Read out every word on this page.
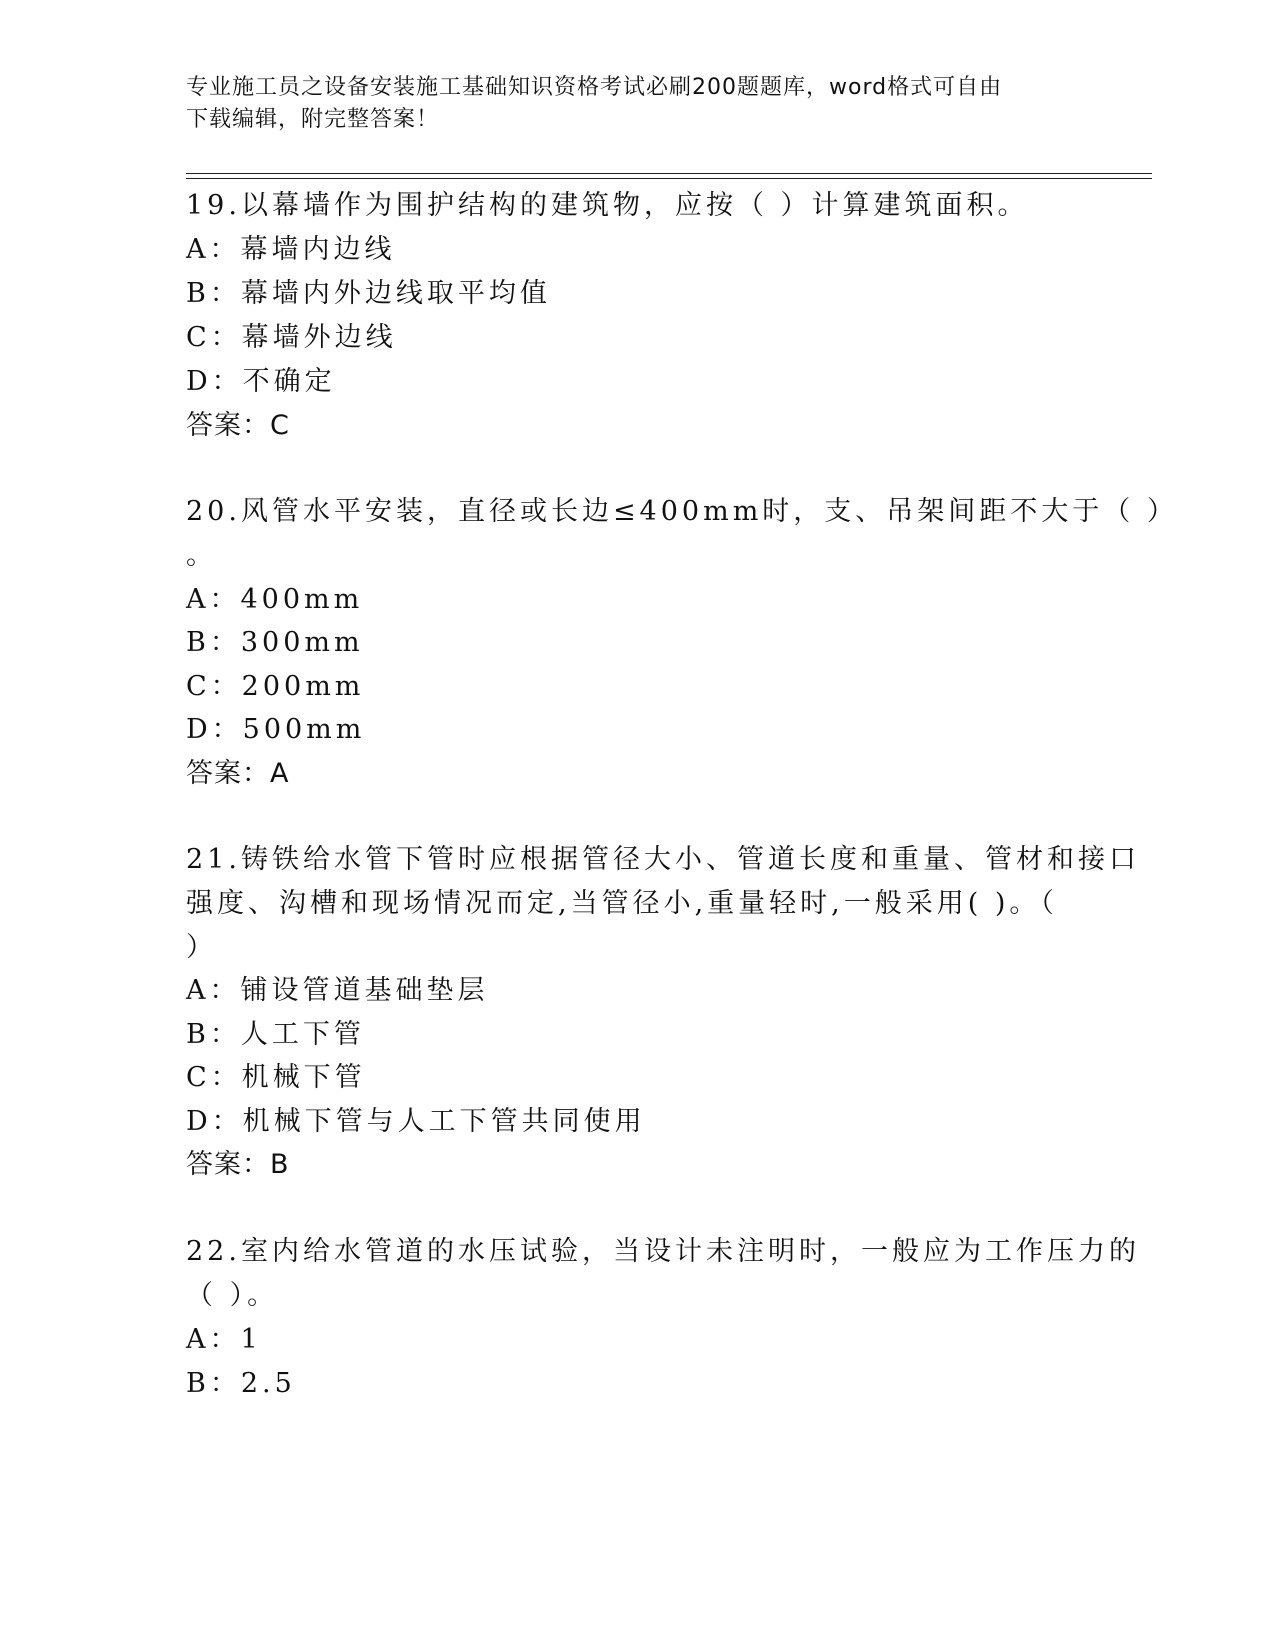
专业施工员之设备安装施工基础知识资格考试必刷200题题库，word格式可自由
下载编辑，附完整答案！
19.以幕墙作为围护结构的建筑物，应按（ ）计算建筑面积。
A：幕墙内边线
B：幕墙内外边线取平均值
C：幕墙外边线
D：不确定
答案：C
20.风管水平安装，直径或长边≤400mm时，支、吊架间距不大于（ ）
。
A：400mm
B：300mm
C：200mm
D：500mm
答案：A
21.铸铁给水管下管时应根据管径大小、管道长度和重量、管材和接口
强度、沟槽和现场情况而定,当管径小,重量轻时,一般采用( )。（
）
A：铺设管道基础垫层
B：人工下管
C：机械下管
D：机械下管与人工下管共同使用
答案：B
22.室内给水管道的水压试验，当设计未注明时，一般应为工作压力的
（ ）。
A：1
B：2.5
